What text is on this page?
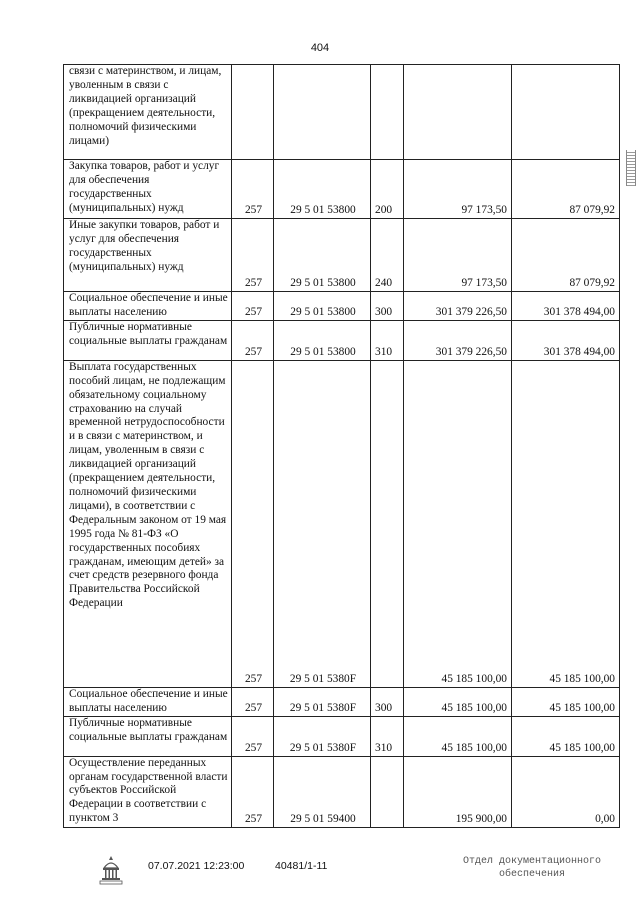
404
связи с материнством, и лицам, уволенным в связи с ликвидацией организаций (прекращением деятельности, полномочий физическими лицами)					
Закупка товаров, работ и услуг для обеспечения государственных (муниципальных) нужд	257	29 5 01 53800	200	97 173,50	87 079,92
Иные закупки товаров, работ и услуг для обеспечения государственных (муниципальных) нужд	257	29 5 01 53800	240	97 173,50	87 079,92
Социальное обеспечение и иные выплаты населению	257	29 5 01 53800	300	301 379 226,50	301 378 494,00
Публичные нормативные социальные выплаты гражданам	257	29 5 01 53800	310	301 379 226,50	301 378 494,00
Выплата государственных пособий лицам, не подлежащим обязательному социальному страхованию на случай временной нетрудоспособности и в связи с материнством, и лицам, уволенным в связи с ликвидацией организаций (прекращением деятельности, полномочий физическими лицами), в соответствии с Федеральным законом от 19 мая 1995 года № 81-ФЗ «О государственных пособиях гражданам, имеющим детей» за счет средств резервного фонда Правительства Российской Федерации	257	29 5 01 5380F		45 185 100,00	45 185 100,00
Социальное обеспечение и иные выплаты населению	257	29 5 01 5380F	300	45 185 100,00	45 185 100,00
Публичные нормативные социальные выплаты гражданам	257	29 5 01 5380F	310	45 185 100,00	45 185 100,00
Осуществление переданных органам государственной власти субъектов Российской Федерации в соответствии с пунктом 3	257	29 5 01 59400		195 900,00	0,00
07.07.2021 12:23:00	40481/1-11	Отдел документационного
обеспечения
